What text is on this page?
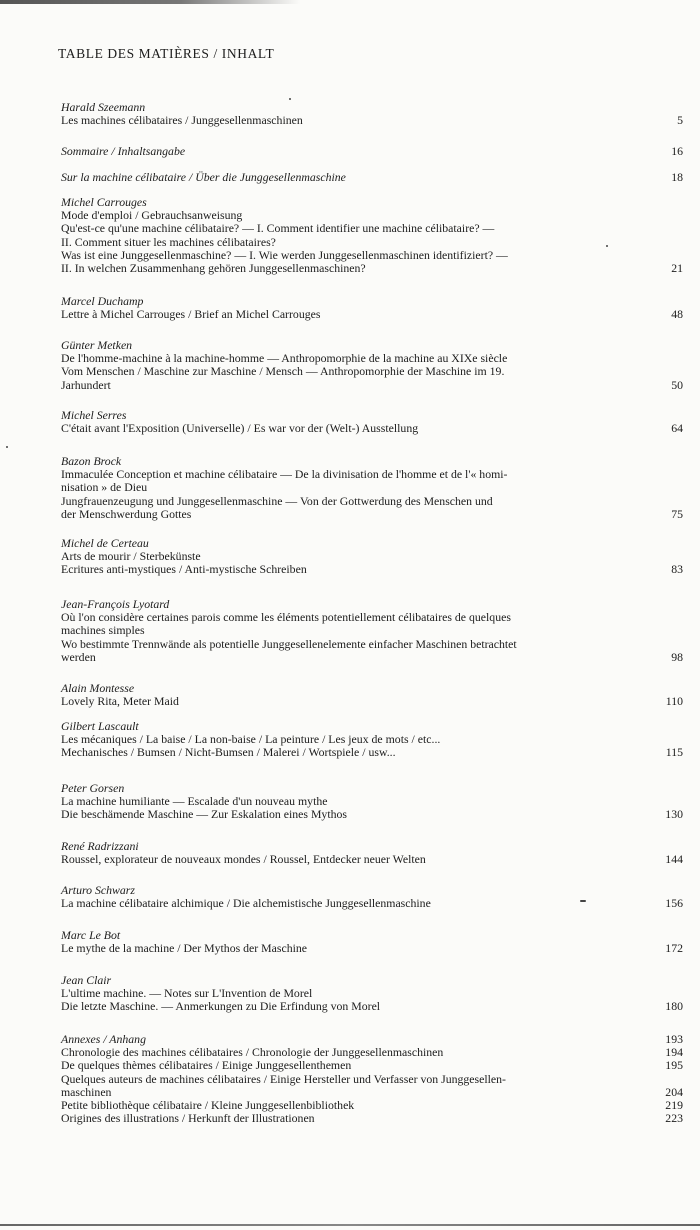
TABLE DES MATIÈRES / INHALT
Harald Szeemann
Les machines célibataires / Junggesellenmaschinen	5
Sommaire / Inhaltsangabe	16
Sur la machine célibataire / Über die Junggesellenmaschine	18
Michel Carrouges
Mode d'emploi / Gebrauchsanweisung
Qu'est-ce qu'une machine célibataire? — I. Comment identifier une machine célibataire? —
II. Comment situer les machines célibataires?
Was ist eine Junggesellenmaschine? — I. Wie werden Junggesellenmaschinen identifiziert? —
II. In welchen Zusammenhang gehören Junggesellenmaschinen?	21
Marcel Duchamp
Lettre à Michel Carrouges / Brief an Michel Carrouges	48
Günter Metken
De l'homme-machine à la machine-homme — Anthropomorphie de la machine au XIXe siècle
Vom Menschen / Maschine zur Maschine / Mensch — Anthropomorphie der Maschine im 19.
Jarhundert	50
Michel Serres
C'était avant l'Exposition (Universelle) / Es war vor der (Welt-) Ausstellung	64
Bazon Brock
Immaculée Conception et machine célibataire — De la divinisation de l'homme et de l'« homi-
nisation » de Dieu
Jungfrauenzeugung und Junggesellenmaschine — Von der Gottwerdung des Menschen und
der Menschwerdung Gottes	75
Michel de Certeau
Arts de mourir / Sterbekünste
Ecritures anti-mystiques / Anti-mystische Schreiben	83
Jean-François Lyotard
Où l'on considère certaines parois comme les éléments potentiellement célibataires de quelques
machines simples
Wo bestimmte Trennwände als potentielle Junggesellenelemente einfacher Maschinen betrachtet
werden	98
Alain Montesse
Lovely Rita, Meter Maid	110
Gilbert Lascault
Les mécaniques / La baise / La non-baise / La peinture / Les jeux de mots / etc...
Mechanisches / Bumsen / Nicht-Bumsen / Malerei / Wortspiele / usw...	115
Peter Gorsen
La machine humiliante — Escalade d'un nouveau mythe
Die beschämende Maschine — Zur Eskalation eines Mythos	130
René Radrizzani
Roussel, explorateur de nouveaux mondes / Roussel, Entdecker neuer Welten	144
Arturo Schwarz
La machine célibataire alchimique / Die alchemistische Junggesellenmaschine	156
Marc Le Bot
Le mythe de la machine / Der Mythos der Maschine	172
Jean Clair
L'ultime machine. — Notes sur L'Invention de Morel
Die letzte Maschine. — Anmerkungen zu Die Erfindung von Morel	180
Annexes / Anhang	193
Chronologie des machines célibataires / Chronologie der Junggesellenmaschinen	194
De quelques thèmes célibataires / Einige Junggesellenthemen	195
Quelques auteurs de machines célibataires / Einige Hersteller und Verfasser von Junggesellen-
maschinen	204
Petite bibliothèque célibataire / Kleine Junggesellenbibliothek	219
Origines des illustrations / Herkunft der Illustrationen	223
